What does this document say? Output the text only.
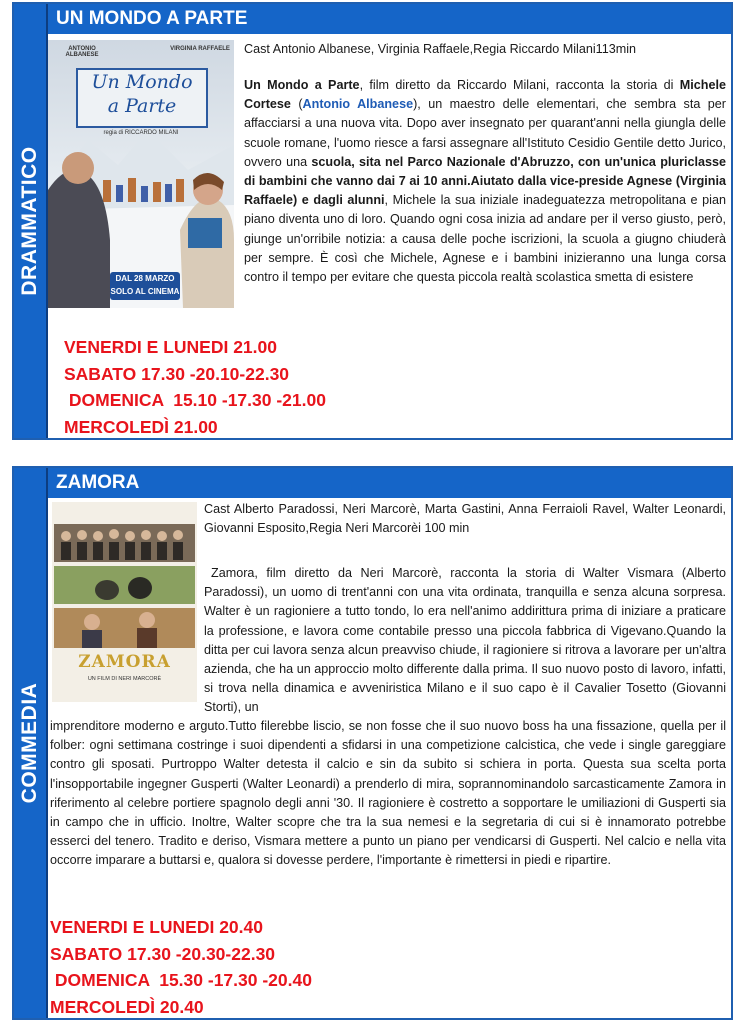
DRAMMATICO
UN MONDO A PARTE
ANTONIO ALBANESE
VIRGINIA RAFFAELE
Un Mondo
a Parte
regia di RICCARDO MILANI
DAL 28 MARZO
SOLO AL CINEMA
Cast Antonio Albanese, Virginia Raffaele,Regia Riccardo Milani113min
Un Mondo a Parte, film diretto da Riccardo Milani, racconta la storia di Michele Cortese (Antonio Albanese), un maestro delle elementari, che sembra sta per affacciarsi a una nuova vita. Dopo aver insegnato per quarant'anni nella giungla delle scuole romane, l'uomo riesce a farsi assegnare all'Istituto Cesidio Gentile detto Jurico, ovvero una scuola, sita nel Parco Nazionale d'Abruzzo, con un'unica pluriclasse di bambini che vanno dai 7 ai 10 anni.Aiutato dalla vice-preside Agnese (Virginia Raffaele) e dagli alunni, Michele la sua iniziale inadeguatezza metropolitana e pian piano diventa uno di loro. Quando ogni cosa inizia ad andare per il verso giusto, però, giunge un'orribile notizia: a causa delle poche iscrizioni, la scuola a giugno chiuderà per sempre. È così che Michele, Agnese e i bambini inizieranno una lunga corsa contro il tempo per evitare che questa piccola realtà scolastica smetta di esistere
VENERDI E LUNEDI 21.00
SABATO 17.30 -20.10-22.30
DOMENICA  15.10 -17.30 -21.00
MERCOLEDÌ 21.00
COMMEDIA
ZAMORA
ZAMORA
UN FILM DI NERI MARCORÈ
Cast Alberto Paradossi, Neri Marcorè, Marta Gastini, Anna Ferraioli Ravel, Walter Leonardi, Giovanni Esposito,Regia Neri Marcorèi 100 min
Zamora, film diretto da Neri Marcorè, racconta la storia di Walter Vismara (Alberto Paradossi), un uomo di trent'anni con una vita ordinata, tranquilla e senza alcuna sorpresa. Walter è un ragioniere a tutto tondo, lo era nell'animo addirittura prima di iniziare a praticare la professione, e lavora come contabile presso una piccola fabbrica di Vigevano.Quando la ditta per cui lavora senza alcun preavviso chiude, il ragioniere si ritrova a lavorare per un'altra azienda, che ha un approccio molto differente dalla prima. Il suo nuovo posto di lavoro, infatti, si trova nella dinamica e avveniristica Milano e il suo capo è il Cavalier Tosetto (Giovanni Storti), un
imprenditore moderno e arguto.Tutto filerebbe liscio, se non fosse che il suo nuovo boss ha una fissazione, quella per il folber: ogni settimana costringe i suoi dipendenti a sfidarsi in una competizione calcistica, che vede i single gareggiare contro gli sposati. Purtroppo Walter detesta il calcio e sin da subito si schiera in porta. Questa sua scelta porta l'insopportabile ingegner Gusperti (Walter Leonardi) a prenderlo di mira, soprannominandolo sarcasticamente Zamora in riferimento al celebre portiere spagnolo degli anni '30. Il ragioniere è costretto a sopportare le umiliazioni di Gusperti sia in campo che in ufficio. Inoltre, Walter scopre che tra la sua nemesi e la segretaria di cui si è innamorato potrebbe esserci del tenero. Tradito e deriso, Vismara mettere a punto un piano per vendicarsi di Gusperti. Nel calcio e nella vita occorre imparare a buttarsi e, qualora si dovesse perdere, l'importante è rimettersi in piedi e ripartire.
VENERDI E LUNEDI 20.40
SABATO 17.30 -20.30-22.30
DOMENICA  15.30 -17.30 -20.40
MERCOLEDÌ 20.40
